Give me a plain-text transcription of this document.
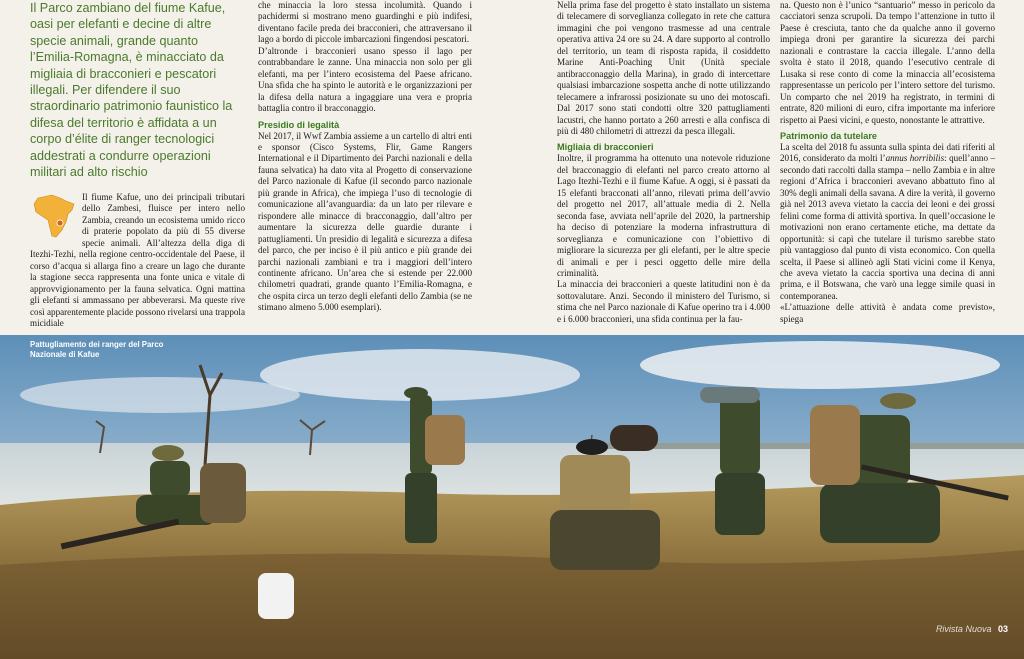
Il Parco zambiano del fiume Kafue, oasi per elefanti e decine di altre specie animali, grande quanto l’Emilia-Romagna, è minacciato da migliaia di bracconieri e pescatori illegali. Per difendere il suo straordinario patrimonio faunistico la difesa del territorio è affidata a un corpo d’élite di ranger tecnologici addestrati a condurre operazioni militari ad alto rischio

Il fiume Kafue, uno dei principali tributari dello Zambesi, fluisce per intero nello Zambia, creando un ecosistema umido ricco di praterie popolato da più di 55 diverse specie animali. All’altezza della diga di Itezhi-Tezhi, nella regione centro-occidentale del Paese, il corso d’acqua si allarga fino a creare un lago che durante la stagione secca rappresenta una fonte unica e vitale di approvvigionamento per la fauna selvatica. Ogni mattina gli elefanti si ammassano per abbeverarsi. Ma queste rive così apparentemente placide possono rivelarsi una trappola micidiale

che minaccia la loro stessa incolumità. Quando i pachidermi si mostrano meno guardinghi e più indifesi, diventano facile preda dei bracconieri, che attraversano il lago a bordo di piccole imbarcazioni fingendosi pescatori.

D’altronde i bracconieri usano spesso il lago per contrabbandare le zanne. Una minaccia non solo per gli elefanti, ma per l’intero ecosistema del Paese africano. Una sfida che ha spinto le autorità e le organizzazioni per la difesa della natura a ingaggiare una vera e propria battaglia contro il bracconaggio.

Presidio di legalità

Nel 2017, il Wwf Zambia assieme a un cartello di altri enti e sponsor (Cisco Systems, Flir, Game Rangers International e il Dipartimento dei Parchi nazionali e della fauna selvatica) ha dato vita al Progetto di conservazione del Parco nazionale di Kafue (il secondo parco nazionale più grande in Africa), che impiega l’uso di tecnologie di comunicazione all’avanguardia: da un lato per rilevare e rispondere alle minacce di bracconaggio, dall’altro per aumentare la sicurezza delle guardie durante i pattugliamenti. Un presidio di legalità e sicurezza a difesa del parco, che per inciso è il più antico e più grande dei parchi nazionali zambiani e tra i maggiori dell’intero continente africano. Un’area che si estende per 22.000 chilometri quadrati, grande quanto l’Emilia-Romagna, e che ospita circa un terzo degli elefanti dello Zambia (se ne stimano almeno 5.000 esemplari).

Nella prima fase del progetto è stato installato un sistema di telecamere di sorveglianza collegato in rete che cattura immagini che poi vengono trasmesse ad una centrale operativa attiva 24 ore su 24. A dare supporto al controllo del territorio, un team di risposta rapida, il cosiddetto Marine Anti-Poaching Unit (Unità speciale antibracconaggio della Marina), in grado di intercettare qualsiasi imbarcazione sospetta anche di notte utilizzando telecamere a infrarossi posizionate su uno dei motoscafi. Dal 2017 sono stati condotti oltre 320 pattugliamenti lacustri, che hanno portato a 260 arresti e alla confisca di più di 480 chilometri di attrezzi da pesca illegali.

Migliaia di bracconieri

Inoltre, il programma ha ottenuto una notevole riduzione del bracconaggio di elefanti nel parco creato attorno al Lago Itezhi-Tezhi e il fiume Kafue. A oggi, si è passati da 15 elefanti bracconati all’anno, rilevati prima dell’avvio del progetto nel 2017, all’attuale media di 2. Nella seconda fase, avviata nell’aprile del 2020, la partnership ha deciso di potenziare la moderna infrastruttura di sorveglianza e comunicazione con l’obiettivo di migliorare la sicurezza per gli elefanti, per le altre specie di animali e per i pesci oggetto delle mire della criminalità.

La minaccia dei bracconieri a queste latitudini non è da sottovalutare. Anzi. Secondo il ministero del Turismo, si stima che nel Parco nazionale di Kafue operino tra i 4.000 e i 6.000 bracconieri, una sfida continua per la fau-

na. Questo non è l’unico “santuario” messo in pericolo da cacciatori senza scrupoli. Da tempo l’attenzione in tutto il Paese è cresciuta, tanto che da qualche anno il governo impiega droni per garantire la sicurezza dei parchi nazionali e contrastare la caccia illegale. L’anno della svolta è stato il 2018, quando l’esecutivo centrale di Lusaka si rese conto di come la minaccia all’ecosistema rappresentasse un pericolo per l’intero settore del turismo. Un comparto che nel 2019 ha registrato, in termini di entrate, 820 milioni di euro, cifra importante ma inferiore rispetto ai Paesi vicini, e questo, nonostante le attrattive.

Patrimonio da tutelare

La scelta del 2018 fu assunta sulla spinta dei dati riferiti al 2016, considerato da molti l’annus horribilis: quell’anno – secondo dati raccolti dalla stampa – nello Zambia e in altre regioni d’Africa i bracconieri avevano abbattuto fino al 30% degli animali della savana. A dire la verità, il governo già nel 2013 aveva vietato la caccia dei leoni e dei grossi felini come forma di attività sportiva. In quell’occasione le motivazioni non erano certamente etiche, ma dettate da opportunità: si capì che tutelare il turismo sarebbe stato più vantaggioso dal punto di vista economico. Con quella scelta, il Paese si allineò agli Stati vicini come il Kenya, che aveva vietato la caccia sportiva una decina di anni prima, e il Botswana, che varò una legge simile quasi in contemporanea.

«L’attuazione delle attività è andata come previsto», spiega

Pattugliamento dei ranger del Parco Nazionale di Kafue
Rivista Nuova 03
